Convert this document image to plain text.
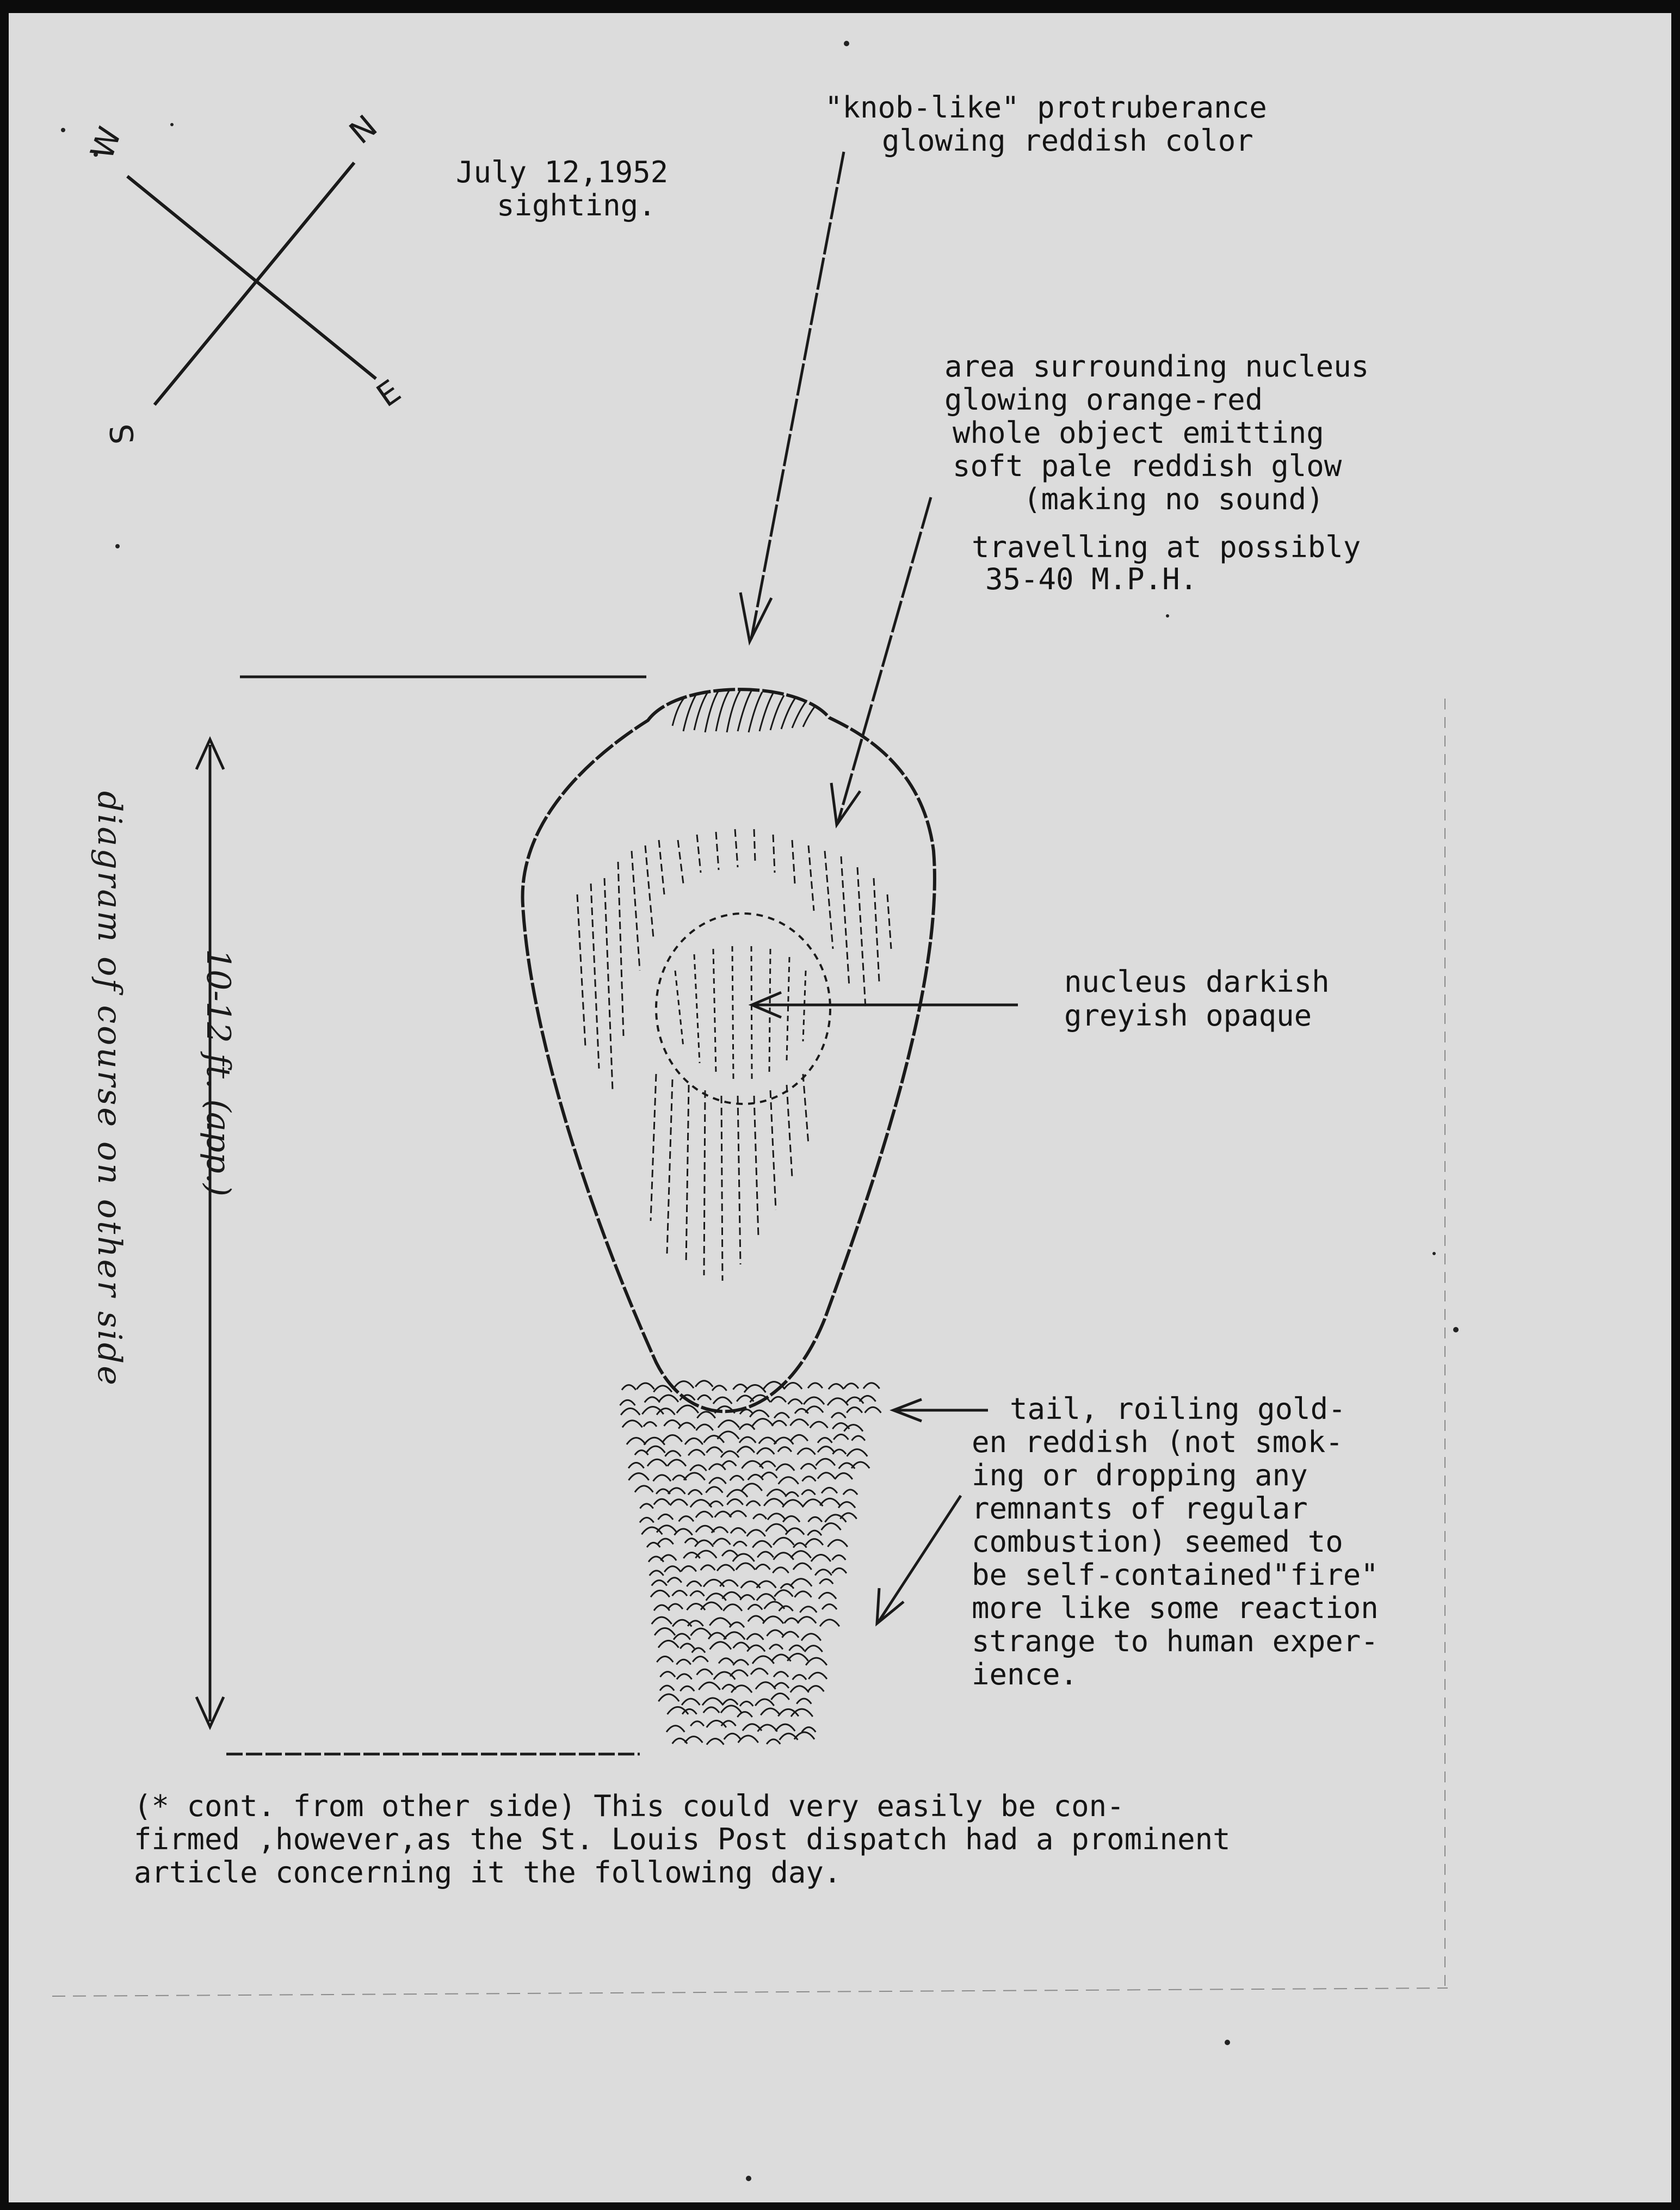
N

W

E

S

July 12,1952

sighting.

"knob-like" protruberance

glowing reddish color

area surrounding nucleus

glowing orange-red

whole object emitting

soft pale reddish glow

(making no sound)

travelling at possibly

35-40 M.P.H.

nucleus darkish

greyish opaque

tail, roiling gold-

en reddish (not smok-

ing or dropping any

remnants of regular

combustion) seemed to

be self-contained"fire"

more like some reaction

strange to human exper-

ience.

10-12 ft. (app.)

diagram of course on other side

(* cont. from other side) This could very easily be con-

firmed ,however,as the St. Louis Post dispatch had a prominent

article concerning it the following day.
